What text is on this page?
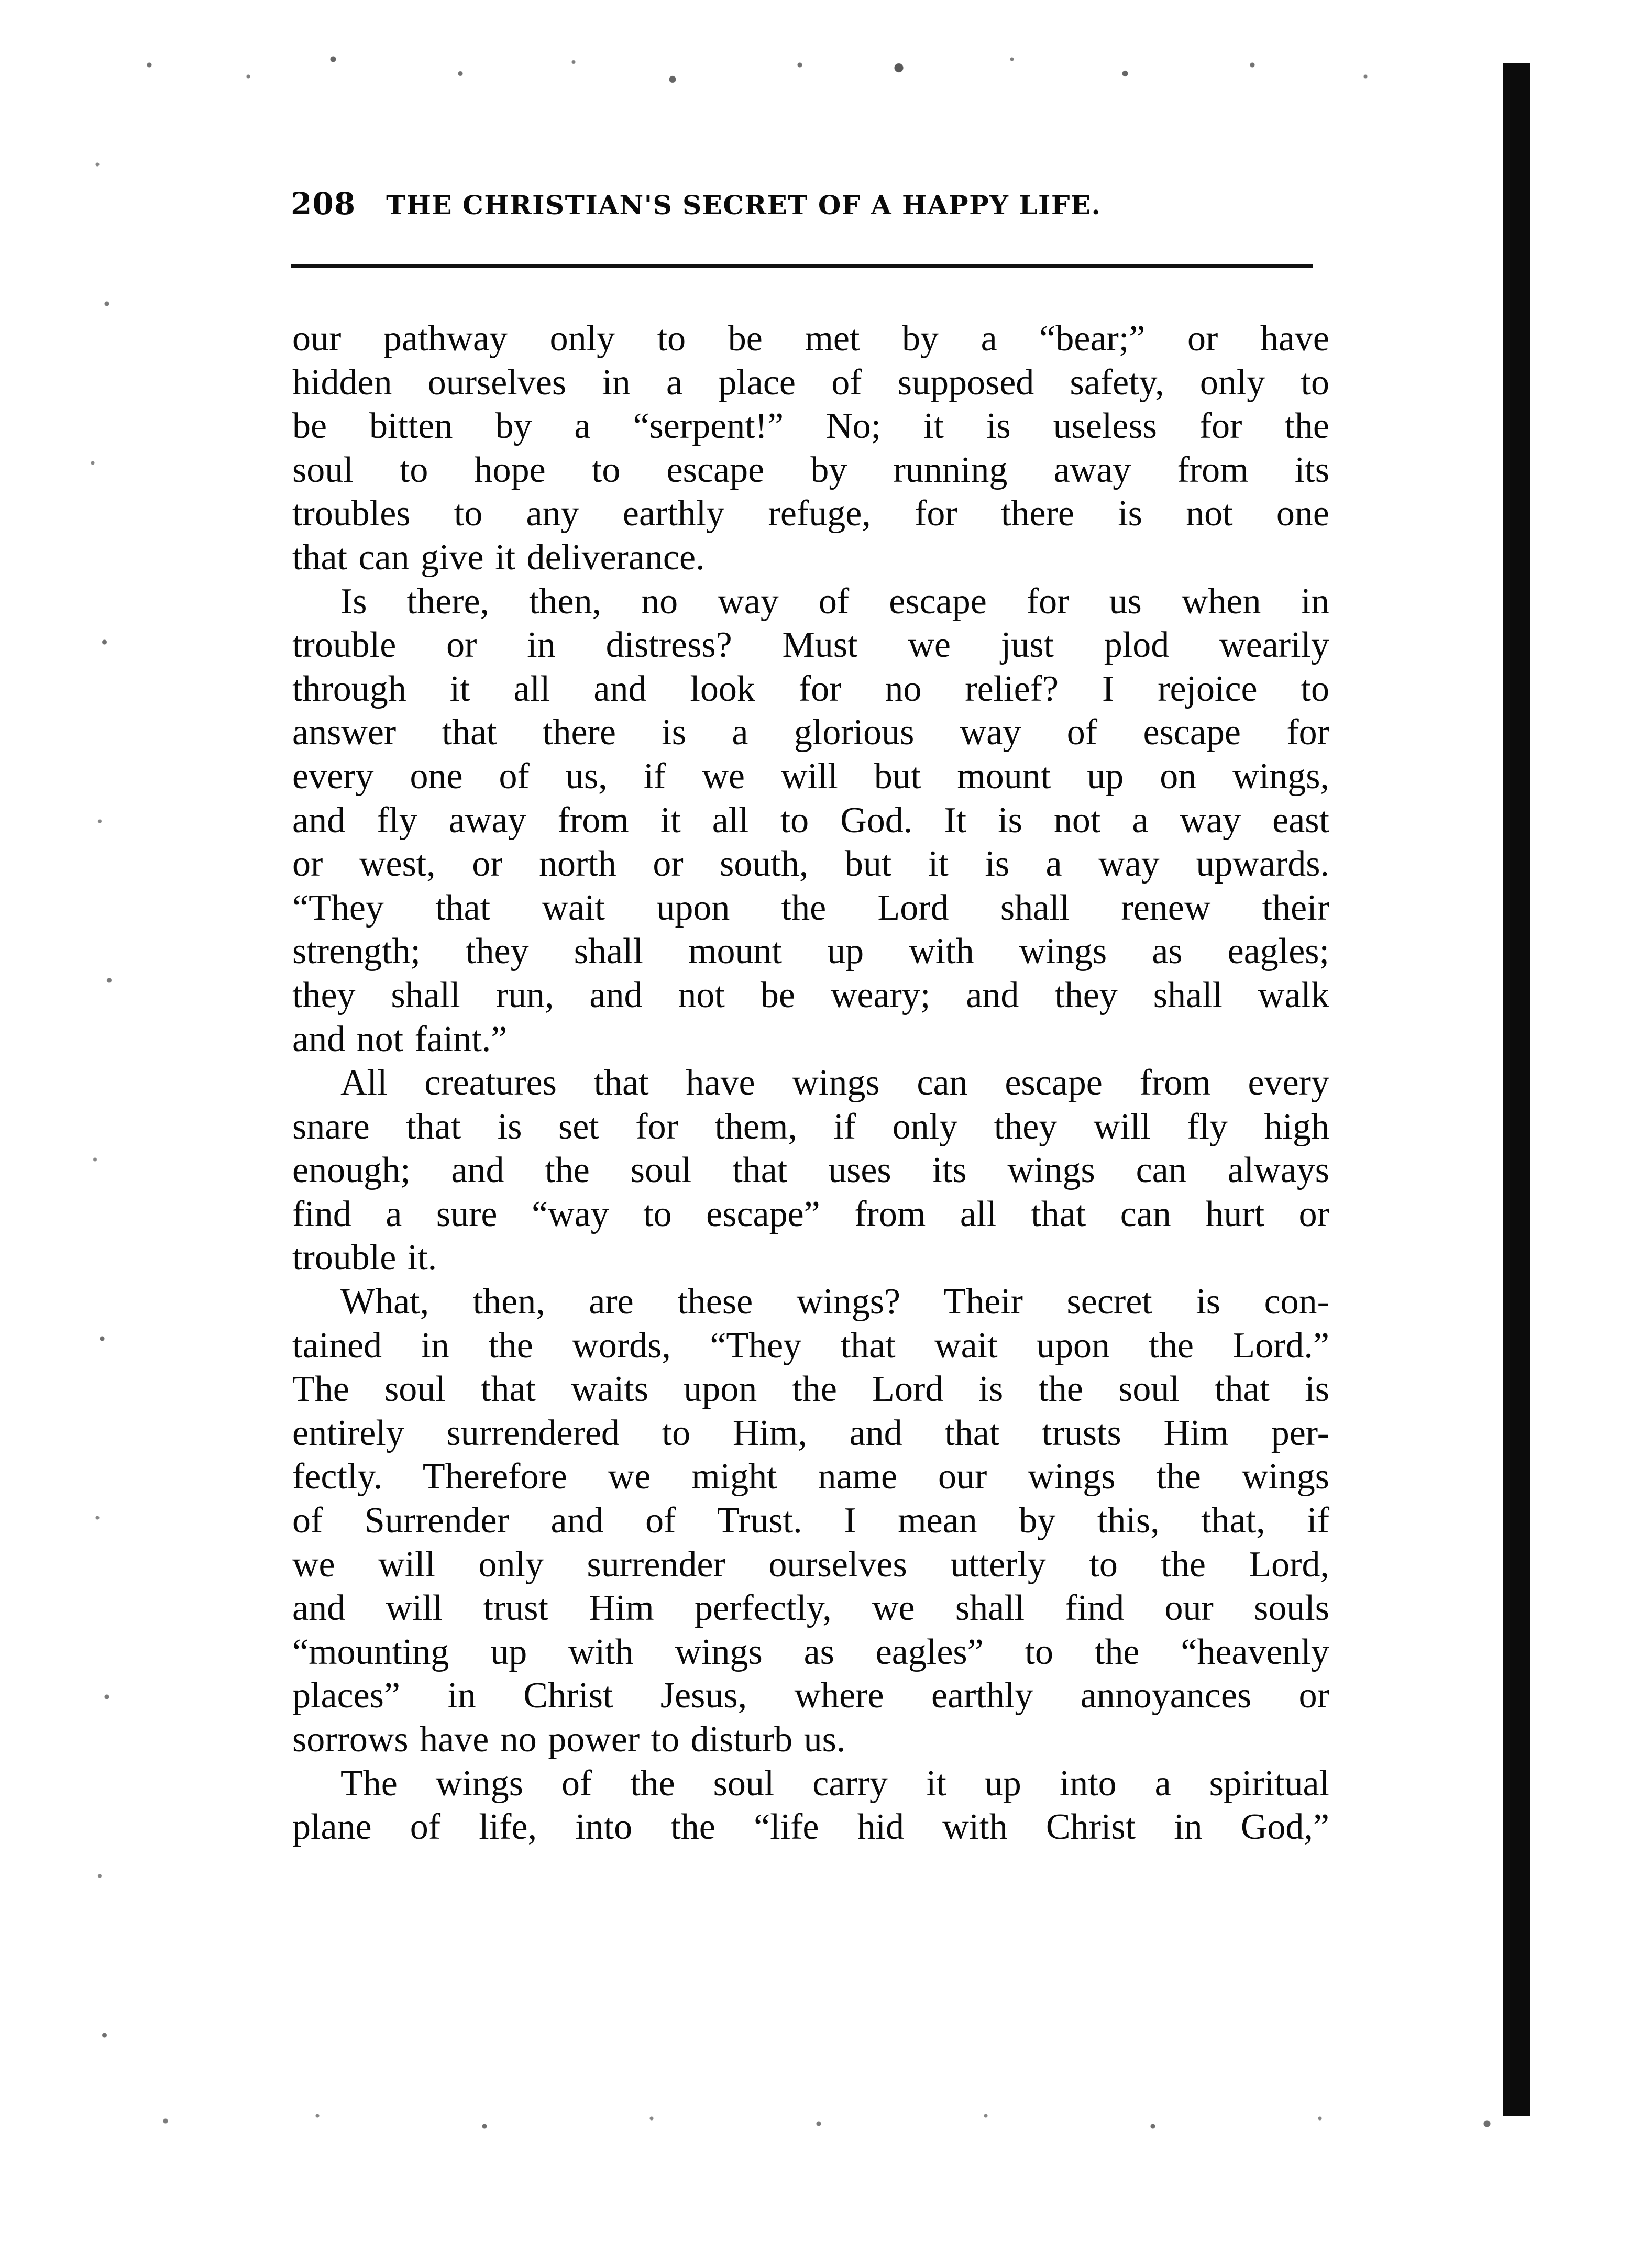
208 THE CHRISTIAN'S SECRET OF A HAPPY LIFE.

our pathway only to be met by a “bear;” or have
hidden ourselves in a place of supposed safety, only to
be bitten by a “serpent!” No; it is useless for the
soul to hope to escape by running away from its
troubles to any earthly refuge, for there is not one
that can give it deliverance.

Is there, then, no way of escape for us when in
trouble or in distress? Must we just plod wearily
through it all and look for no relief? I rejoice to
answer that there is a glorious way of escape for
every one of us, if we will but mount up on wings,
and fly away from it all to God. It is not a way east
or west, or north or south, but it is a way upwards.
“They that wait upon the Lord shall renew their
strength; they shall mount up with wings as eagles;
they shall run, and not be weary; and they shall walk
and not faint.”

All creatures that have wings can escape from every
snare that is set for them, if only they will fly high
enough; and the soul that uses its wings can always
find a sure “way to escape” from all that can hurt or
trouble it.

What, then, are these wings? Their secret is con-
tained in the words, “They that wait upon the Lord.”
The soul that waits upon the Lord is the soul that is
entirely surrendered to Him, and that trusts Him per-
fectly. Therefore we might name our wings the wings
of Surrender and of Trust. I mean by this, that, if
we will only surrender ourselves utterly to the Lord,
and will trust Him perfectly, we shall find our souls
“mounting up with wings as eagles” to the “heavenly
places” in Christ Jesus, where earthly annoyances or
sorrows have no power to disturb us.

The wings of the soul carry it up into a spiritual
plane of life, into the “life hid with Christ in God,”
